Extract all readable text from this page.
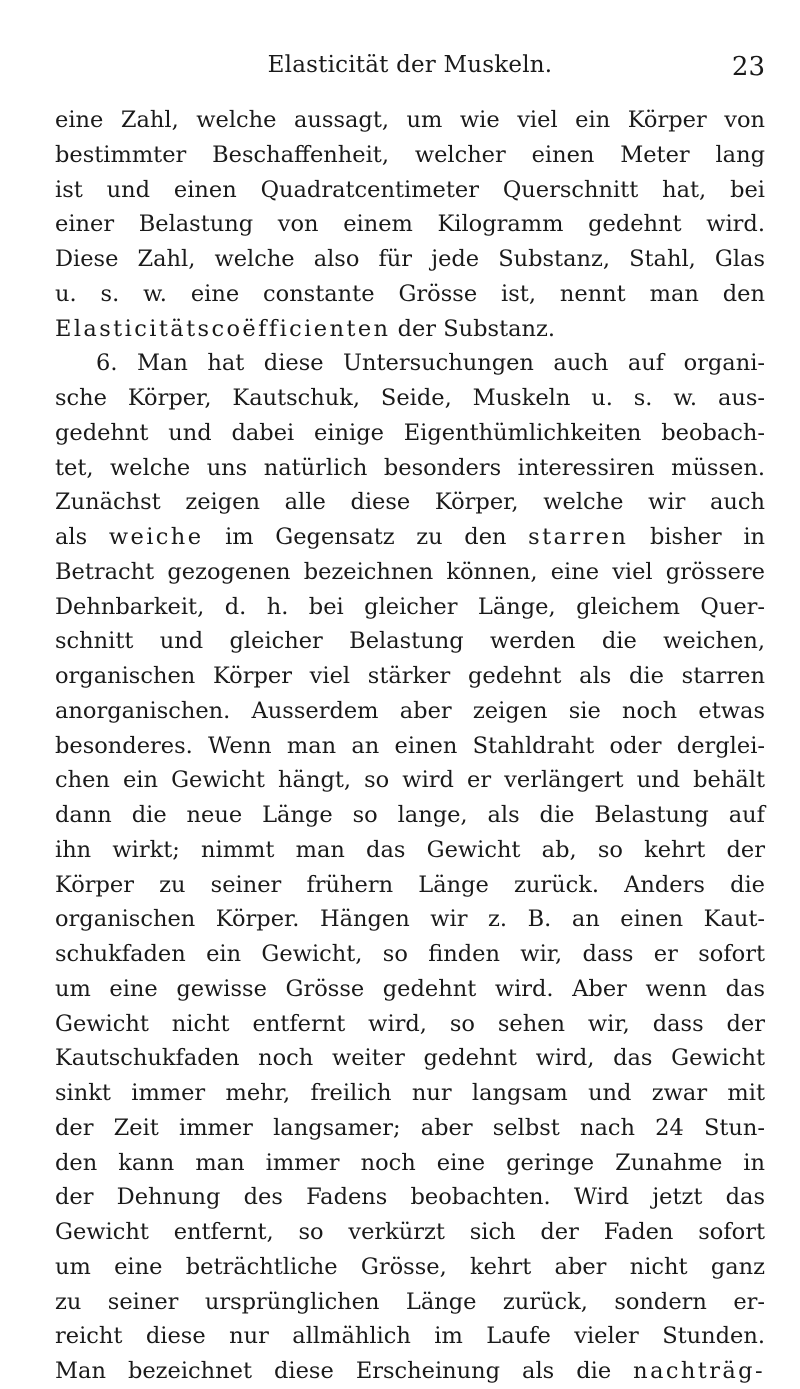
Elasticität der Muskeln.	23
eine Zahl, welche aussagt, um wie viel ein Körper von
bestimmter Beschaffenheit, welcher einen Meter lang
ist und einen Quadratcentimeter Querschnitt hat, bei
einer Belastung von einem Kilogramm gedehnt wird.
Diese Zahl, welche also für jede Substanz, Stahl, Glas
u. s. w. eine constante Grösse ist, nennt man den
Elasticitätscoëfficienten der Substanz.
6. Man hat diese Untersuchungen auch auf organi-
sche Körper, Kautschuk, Seide, Muskeln u. s. w. aus-
gedehnt und dabei einige Eigenthümlichkeiten beobach-
tet, welche uns natürlich besonders interessiren müssen.
Zunächst zeigen alle diese Körper, welche wir auch
als weiche im Gegensatz zu den starren bisher in
Betracht gezogenen bezeichnen können, eine viel grössere
Dehnbarkeit, d. h. bei gleicher Länge, gleichem Quer-
schnitt und gleicher Belastung werden die weichen,
organischen Körper viel stärker gedehnt als die starren
anorganischen. Ausserdem aber zeigen sie noch etwas
besonderes. Wenn man an einen Stahldraht oder derglei-
chen ein Gewicht hängt, so wird er verlängert und behält
dann die neue Länge so lange, als die Belastung auf
ihn wirkt; nimmt man das Gewicht ab, so kehrt der
Körper zu seiner frühern Länge zurück. Anders die
organischen Körper. Hängen wir z. B. an einen Kaut-
schukfaden ein Gewicht, so finden wir, dass er sofort
um eine gewisse Grösse gedehnt wird. Aber wenn das
Gewicht nicht entfernt wird, so sehen wir, dass der
Kautschukfaden noch weiter gedehnt wird, das Gewicht
sinkt immer mehr, freilich nur langsam und zwar mit
der Zeit immer langsamer; aber selbst nach 24 Stun-
den kann man immer noch eine geringe Zunahme in
der Dehnung des Fadens beobachten. Wird jetzt das
Gewicht entfernt, so verkürzt sich der Faden sofort
um eine beträchtliche Grösse, kehrt aber nicht ganz
zu seiner ursprünglichen Länge zurück, sondern er-
reicht diese nur allmählich im Laufe vieler Stunden.
Man bezeichnet diese Erscheinung als die nachträg-
